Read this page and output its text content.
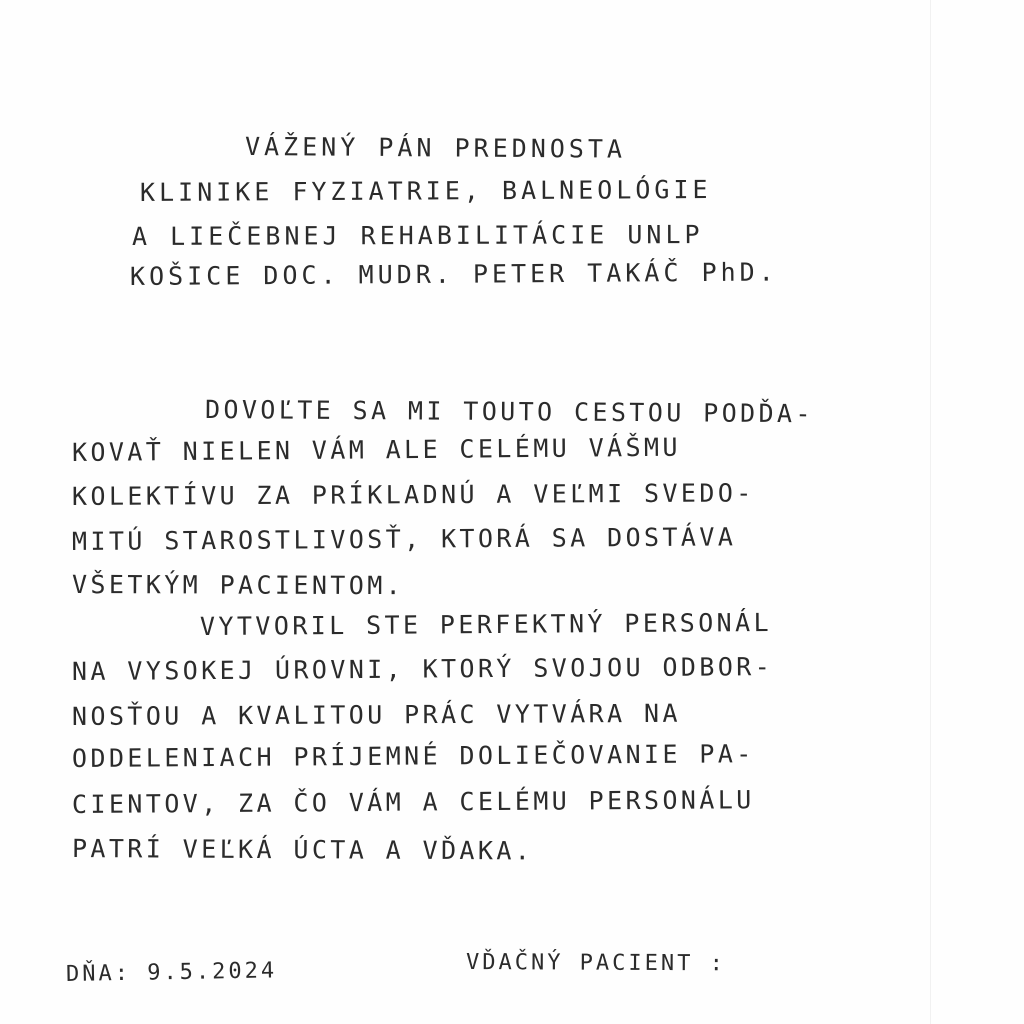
VÁŽENÝ PÁN PREDNOSTA
KLINIKE FYZIATRIE, BALNEOLÓGIE
A LIEČEBNEJ REHABILITÁCIE UNLP
KOŠICE DOC. MUDR. PETER TAKÁČ PhD.
DOVOĽTE SA MI TOUTO CESTOU PODĎA-
KOVAŤ NIELEN VÁM ALE CELÉMU VÁŠMU
KOLEKTÍVU ZA PRÍKLADNÚ A VEĽMI SVEDO-
MITÚ STAROSTLIVOSŤ, KTORÁ SA DOSTÁVA
VŠETKÝM PACIENTOM.
VYTVORIL STE PERFEKTNÝ PERSONÁL
NA VYSOKEJ ÚROVNI, KTORÝ SVOJOU ODBOR-
NOSŤOU A KVALITOU PRÁC VYTVÁRA NA
ODDELENIACH PRÍJEMNÉ DOLIEČOVANIE PA-
CIENTOV, ZA ČO VÁM A CELÉMU PERSONÁLU
PATRÍ VEĽKÁ ÚCTA A VĎAKA.
DŇA: 9.5.2024	VĎAČNÝ PACIENT :
